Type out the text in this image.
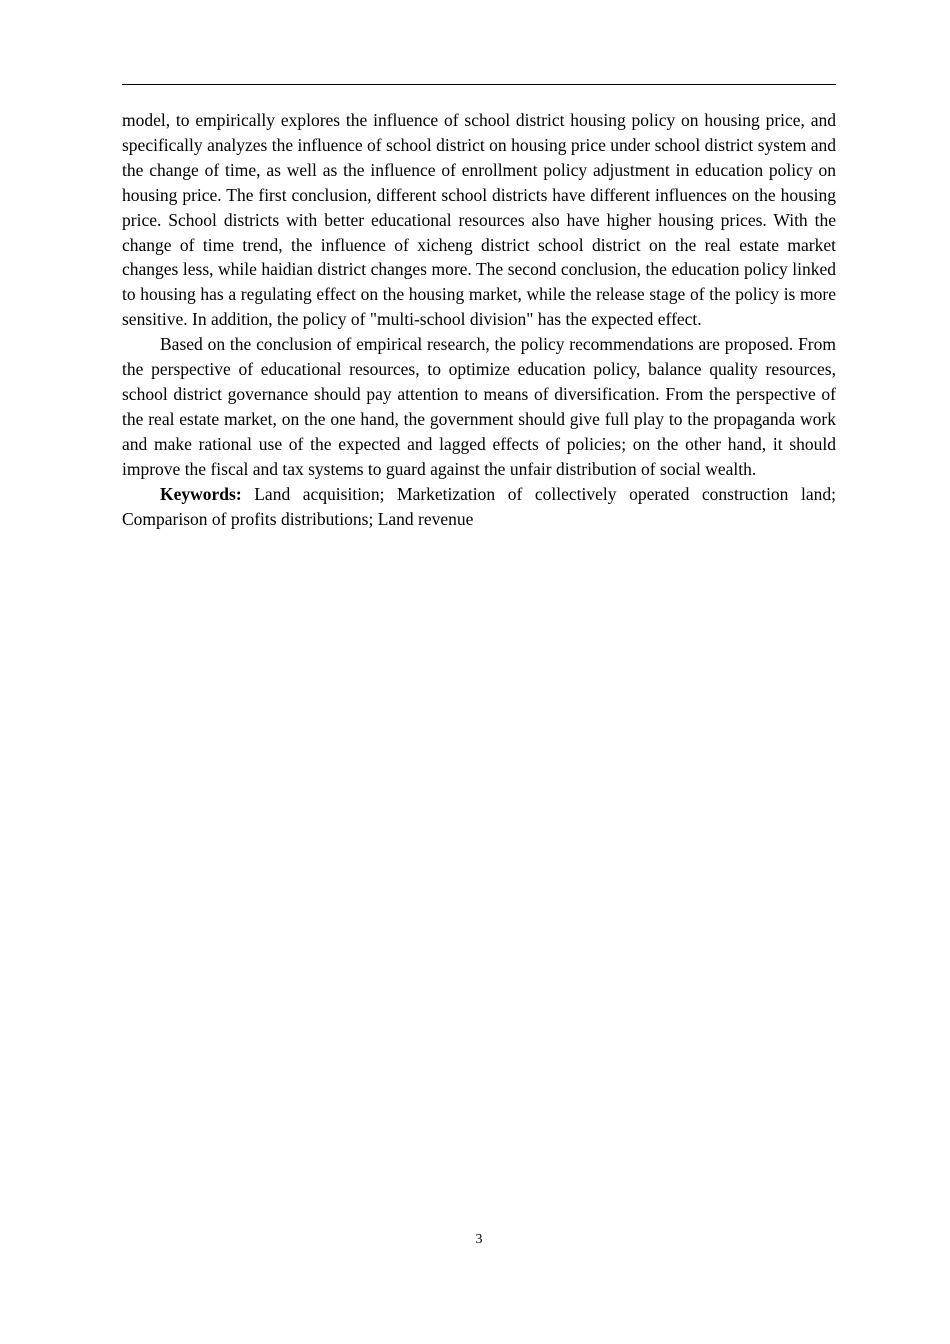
model, to empirically explores the influence of school district housing policy on housing price, and specifically analyzes the influence of school district on housing price under school district system and the change of time, as well as the influence of enrollment policy adjustment in education policy on housing price. The first conclusion, different school districts have different influences on the housing price. School districts with better educational resources also have higher housing prices. With the change of time trend, the influence of xicheng district school district on the real estate market changes less, while haidian district changes more. The second conclusion, the education policy linked to housing has a regulating effect on the housing market, while the release stage of the policy is more sensitive. In addition, the policy of "multi-school division" has the expected effect.

Based on the conclusion of empirical research, the policy recommendations are proposed. From the perspective of educational resources, to optimize education policy, balance quality resources, school district governance should pay attention to means of diversification. From the perspective of the real estate market, on the one hand, the government should give full play to the propaganda work and make rational use of the expected and lagged effects of policies; on the other hand, it should improve the fiscal and tax systems to guard against the unfair distribution of social wealth.

Keywords: Land acquisition; Marketization of collectively operated construction land; Comparison of profits distributions; Land revenue

3
